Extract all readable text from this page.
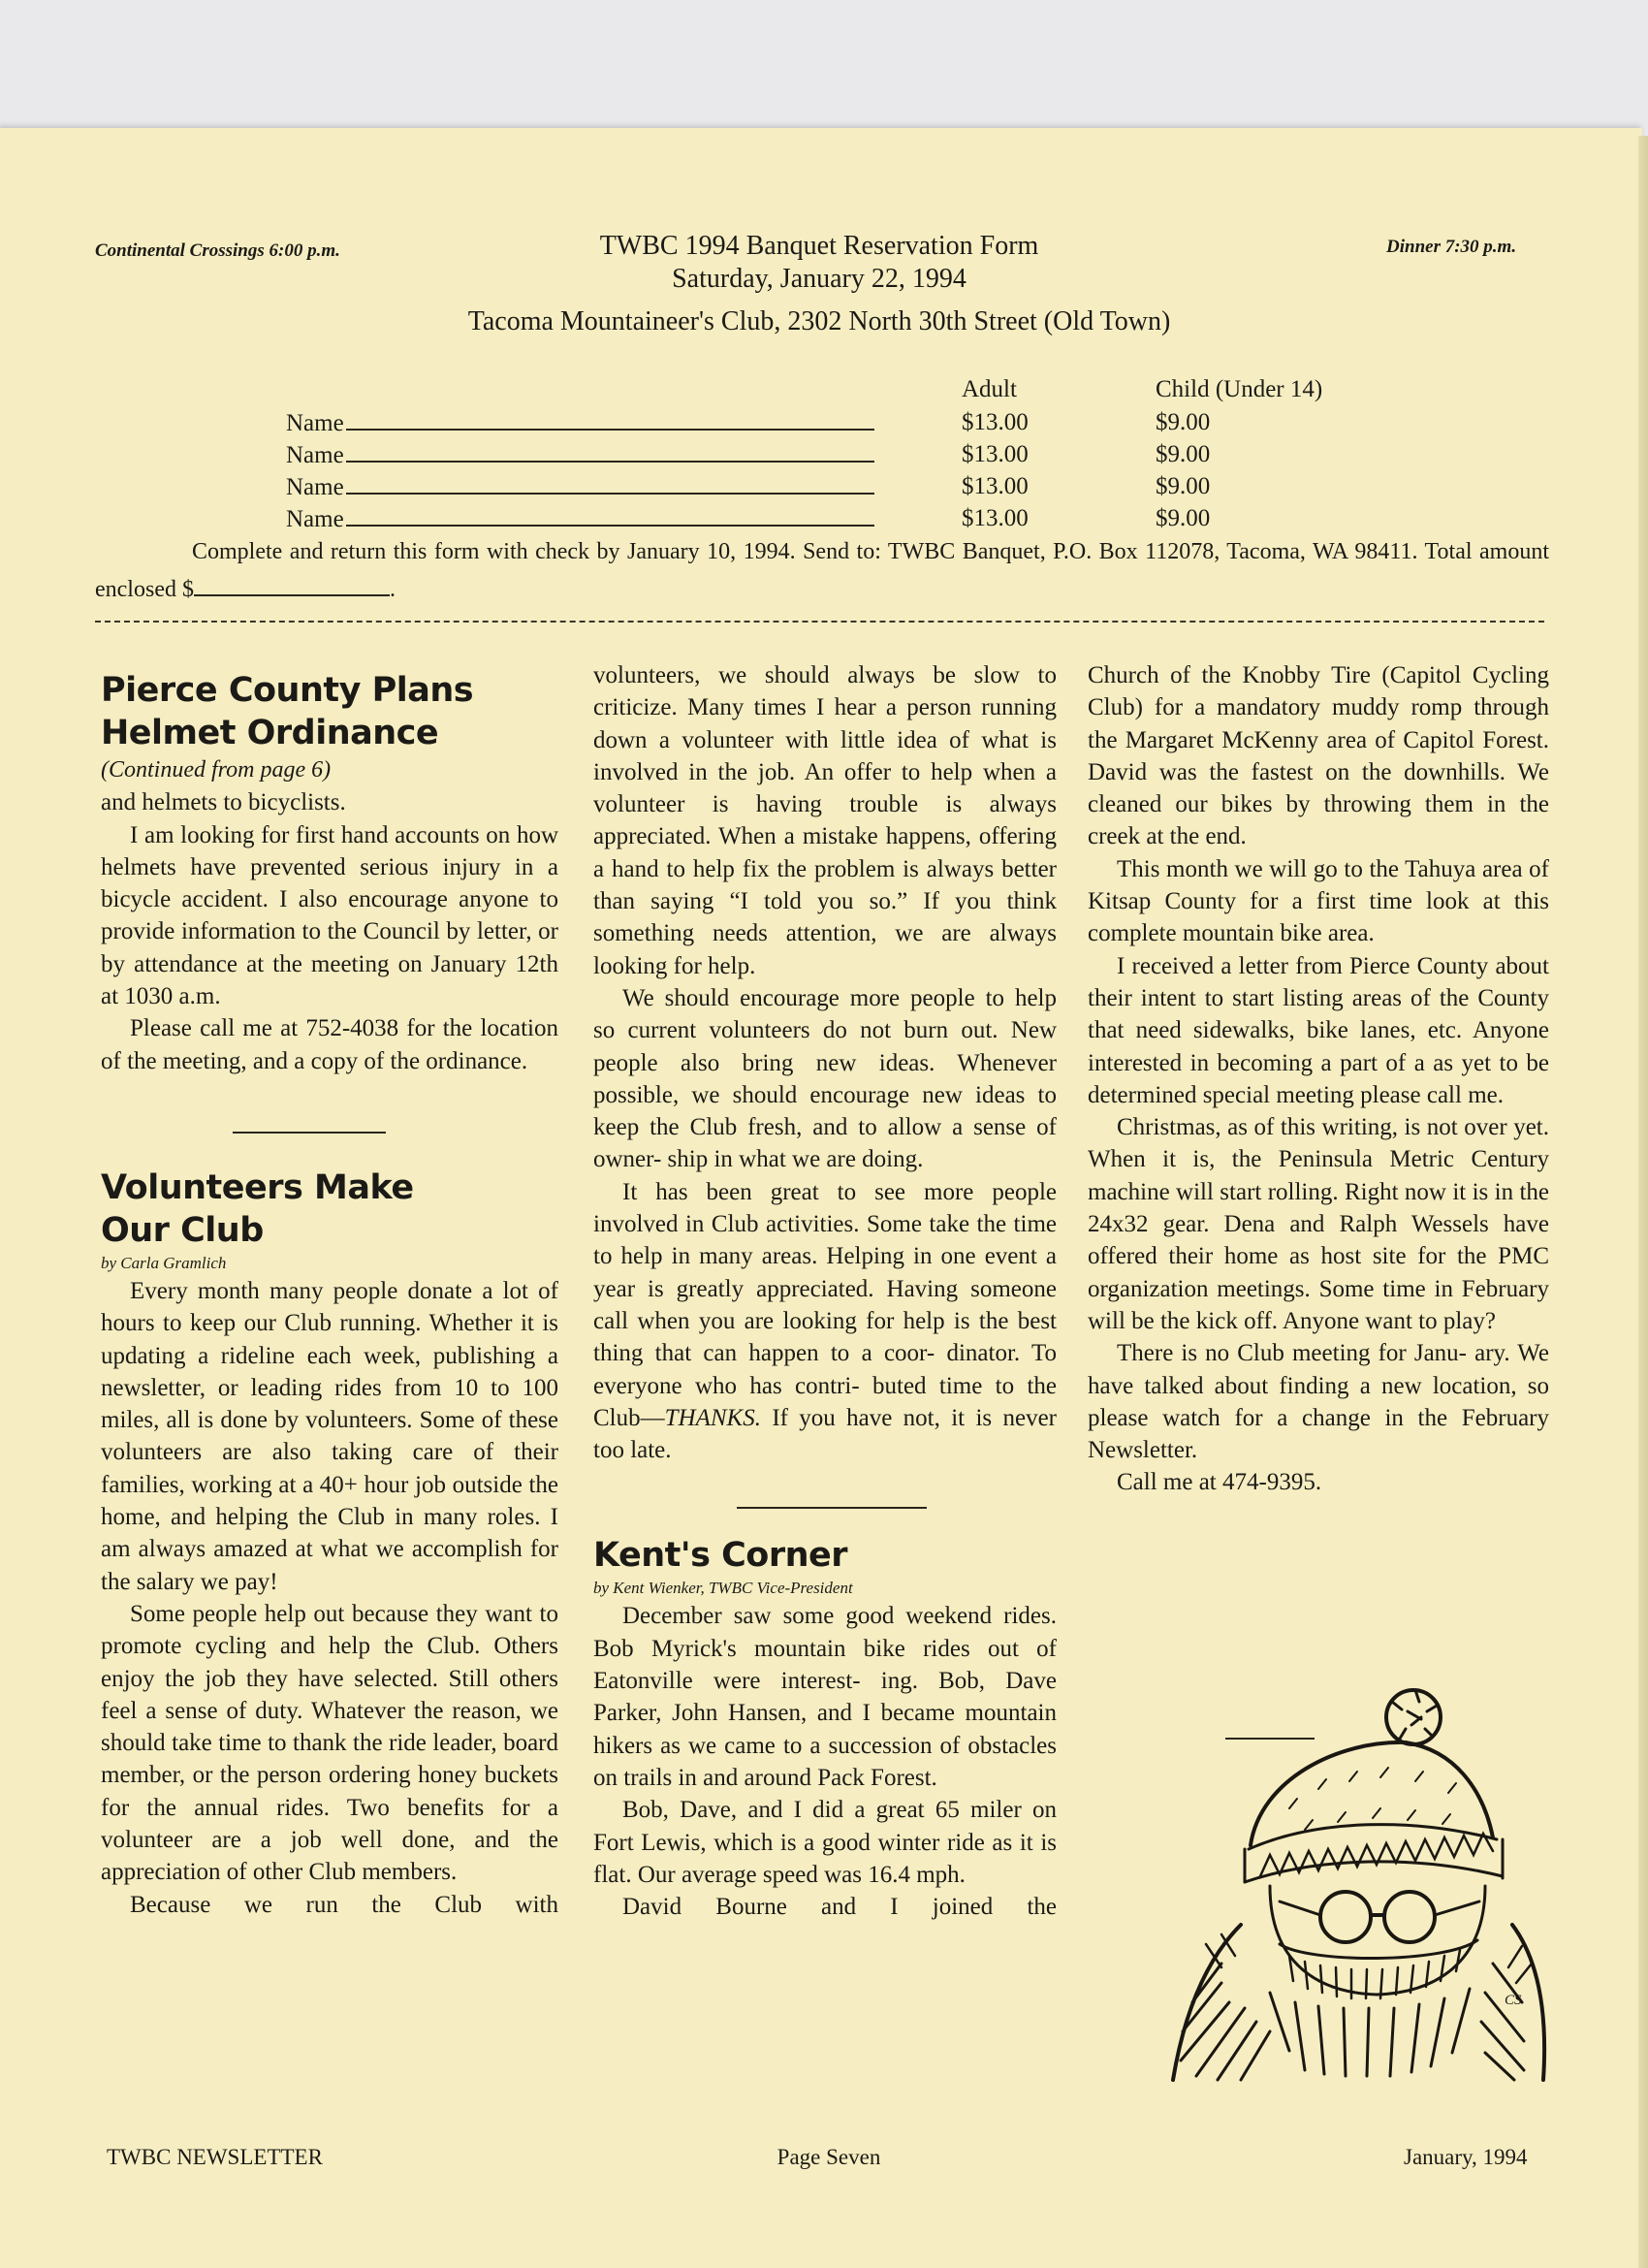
Continental Crossings 6:00 p.m.	Dinner 7:30 p.m.
TWBC 1994 Banquet Reservation Form
Saturday, January 22, 1994
Tacoma Mountaineer's Club, 2302 North 30th Street (Old Town)
Adult	Child (Under 14)
Name	$13.00	$9.00
Name	$13.00	$9.00
Name	$13.00	$9.00
Name	$13.00	$9.00
Complete and return this form with check by January 10, 1994. Send to: TWBC Banquet, P.O. Box 112078, Tacoma, WA 98411. Total amount enclosed $	.
Pierce County Plans
Helmet Ordinance

(Continued from page 6)

and helmets to bicyclists.

I am looking for first hand accounts on how helmets have prevented serious injury in a bicycle accident. I also encourage anyone to provide information to the Council by letter, or by attendance at the meeting on January 12th at 1030 a.m.

Please call me at 752-4038 for the location of the meeting, and a copy of the ordinance.

Volunteers Make
Our Club

by Carla Gramlich

Every month many people donate a lot of hours to keep our Club running. Whether it is updating a rideline each week, publishing a newsletter, or leading rides from 10 to 100 miles, all is done by volunteers. Some of these volunteers are also taking care of their families, working at a 40+ hour job outside the home, and helping the Club in many roles. I am always amazed at what we accomplish for the salary we pay!

Some people help out because they want to promote cycling and help the Club. Others enjoy the job they have selected. Still others feel a sense of duty. Whatever the reason, we should take time to thank the ride leader, board member, or the person ordering honey buckets for the annual rides. Two benefits for a volunteer are a job well done, and the appreciation of other Club members.

Because we run the Club with

volunteers, we should always be slow to criticize. Many times I hear a person running down a volunteer with little idea of what is involved in the job. An offer to help when a volunteer is having trouble is always appreciated. When a mistake happens, offering a hand to help fix the problem is always better than saying “I told you so.” If you think something needs attention, we are always looking for help.

We should encourage more people to help so current volunteers do not burn out. New people also bring new ideas. Whenever possible, we should encourage new ideas to keep the Club fresh, and to allow a sense of owner- ship in what we are doing.

It has been great to see more people involved in Club activities. Some take the time to help in many areas. Helping in one event a year is greatly appreciated. Having someone call when you are looking for help is the best thing that can happen to a coor- dinator. To everyone who has contri- buted time to the Club—THANKS. If you have not, it is never too late.

Kent's Corner

by Kent Wienker, TWBC Vice-President

December saw some good weekend rides. Bob Myrick's mountain bike rides out of Eatonville were interest- ing. Bob, Dave Parker, John Hansen, and I became mountain hikers as we came to a succession of obstacles on trails in and around Pack Forest.

Bob, Dave, and I did a great 65 miler on Fort Lewis, which is a good winter ride as it is flat. Our average speed was 16.4 mph.

David Bourne and I joined the

Church of the Knobby Tire (Capitol Cycling Club) for a mandatory muddy romp through the Margaret McKenny area of Capitol Forest. David was the fastest on the downhills. We cleaned our bikes by throwing them in the creek at the end.

This month we will go to the Tahuya area of Kitsap County for a first time look at this complete mountain bike area.

I received a letter from Pierce County about their intent to start listing areas of the County that need sidewalks, bike lanes, etc. Anyone interested in becoming a part of a as yet to be determined special meeting please call me.

Christmas, as of this writing, is not over yet. When it is, the Peninsula Metric Century machine will start rolling. Right now it is in the 24x32 gear. Dena and Ralph Wessels have offered their home as host site for the PMC organization meetings. Some time in February will be the kick off. Anyone want to play?

There is no Club meeting for Janu- ary. We have talked about finding a new location, so please watch for a change in the February Newsletter.

Call me at 474-9395.

CS
TWBC NEWSLETTER	Page Seven	January, 1994
